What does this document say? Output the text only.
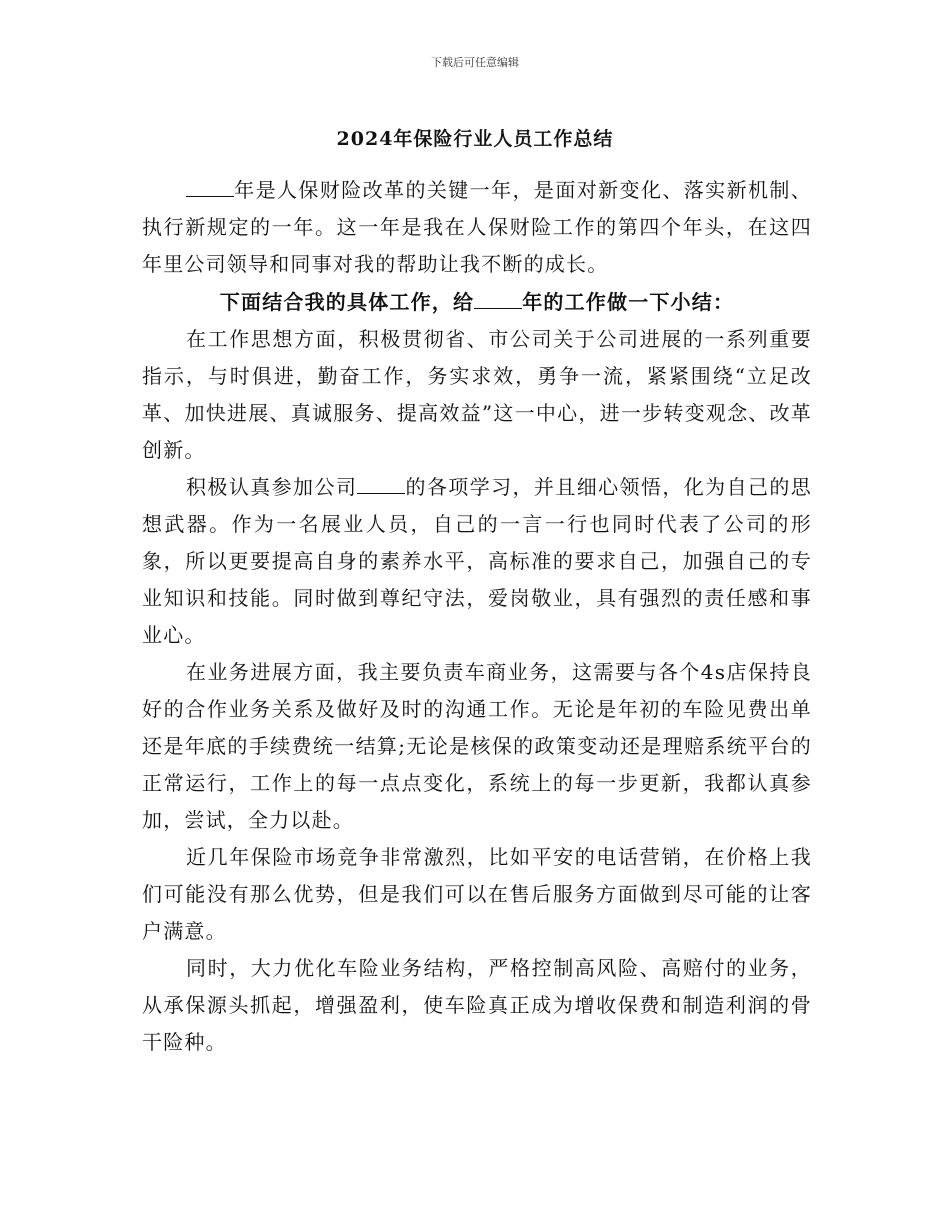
下载后可任意编辑
2024年保险行业人员工作总结

年是人保财险改革的关键一年，是面对新变化、落实新机制、执行新规定的一年。这一年是我在人保财险工作的第四个年头，在这四年里公司领导和同事对我的帮助让我不断的成长。

下面结合我的具体工作，给 年的工作做一下小结：

在工作思想方面，积极贯彻省、市公司关于公司进展的一系列重要指示，与时俱进，勤奋工作，务实求效，勇争一流，紧紧围绕“立足改革、加快进展、真诚服务、提高效益”这一中心，进一步转变观念、改革创新。

积极认真参加公司 的各项学习，并且细心领悟，化为自己的思想武器。作为一名展业人员，自己的一言一行也同时代表了公司的形象，所以更要提高自身的素养水平，高标准的要求自己，加强自己的专业知识和技能。同时做到尊纪守法，爱岗敬业，具有强烈的责任感和事业心。

在业务进展方面，我主要负责车商业务，这需要与各个4s店保持良好的合作业务关系及做好及时的沟通工作。无论是年初的车险见费出单还是年底的手续费统一结算;无论是核保的政策变动还是理赔系统平台的正常运行，工作上的每一点点变化，系统上的每一步更新，我都认真参加，尝试，全力以赴。

近几年保险市场竞争非常激烈，比如平安的电话营销，在价格上我们可能没有那么优势，但是我们可以在售后服务方面做到尽可能的让客户满意。

同时，大力优化车险业务结构，严格控制高风险、高赔付的业务，从承保源头抓起，增强盈利，使车险真正成为增收保费和制造利润的骨干险种。
